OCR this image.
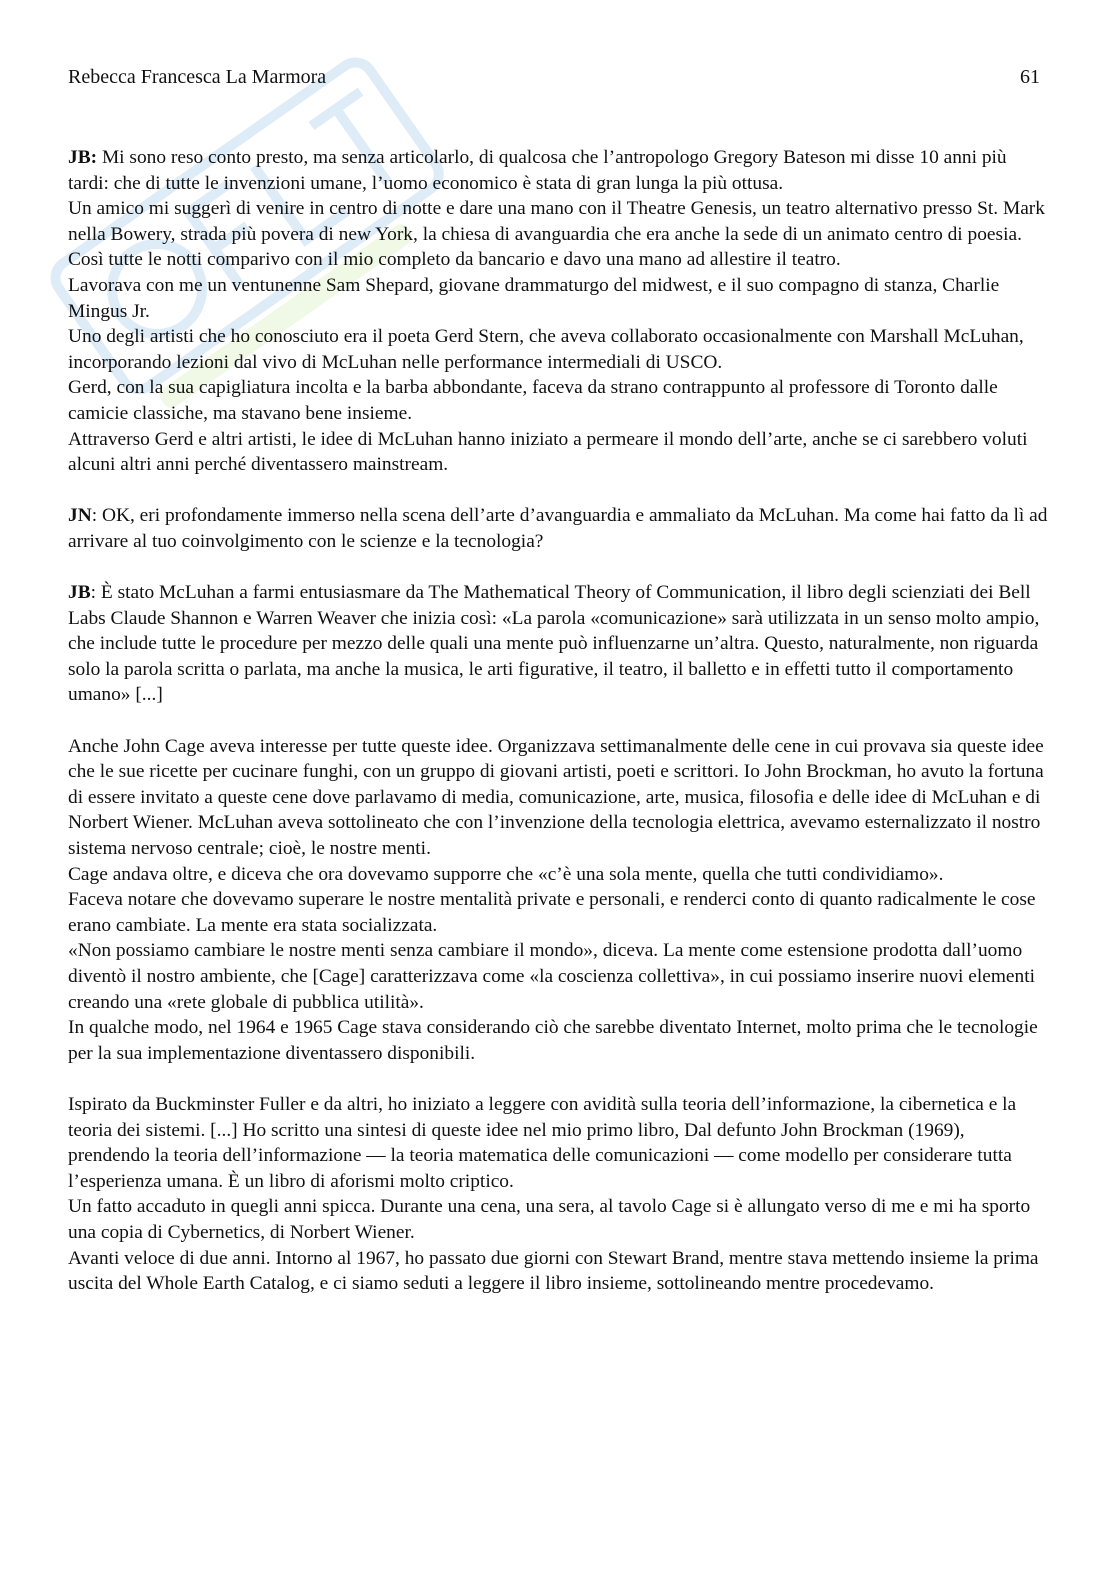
Rebecca Francesca La Marmora	61

JB: Mi sono reso conto presto, ma senza articolarlo, di qualcosa che l’antropologo Gregory Bateson mi disse 10 anni più tardi: che di tutte le invenzioni umane, l’uomo economico è stata di gran lunga la più ottusa.

Un amico mi suggerì di venire in centro di notte e dare una mano con il Theatre Genesis, un teatro alternativo presso St. Mark nella Bowery, strada più povera di new York, la chiesa di avanguardia che era anche la sede di un animato centro di poesia.

Così tutte le notti comparivo con il mio completo da bancario e davo una mano ad allestire il teatro.

Lavorava con me un ventunenne Sam Shepard, giovane drammaturgo del midwest, e il suo compagno di stanza, Charlie Mingus Jr.

Uno degli artisti che ho conosciuto era il poeta Gerd Stern, che aveva collaborato occasionalmente con Marshall McLuhan, incorporando lezioni dal vivo di McLuhan nelle performance intermediali di USCO.

Gerd, con la sua capigliatura incolta e la barba abbondante, faceva da strano contrappunto al professore di Toronto dalle camicie classiche, ma stavano bene insieme.

Attraverso Gerd e altri artisti, le idee di McLuhan hanno iniziato a permeare il mondo dell’arte, anche se ci sarebbero voluti alcuni altri anni perché diventassero mainstream.

JN: OK, eri profondamente immerso nella scena dell’arte d’avanguardia e ammaliato da McLuhan. Ma come hai fatto da lì ad arrivare al tuo coinvolgimento con le scienze e la tecnologia?

JB: È stato McLuhan a farmi entusiasmare da The Mathematical Theory of Communication, il libro degli scienziati dei Bell Labs Claude Shannon e Warren Weaver che inizia così: «La parola «comunicazione» sarà utilizzata in un senso molto ampio, che include tutte le procedure per mezzo delle quali una mente può influenzarne un’altra. Questo, naturalmente, non riguarda solo la parola scritta o parlata, ma anche la musica, le arti figurative, il teatro, il balletto e in effetti tutto il comportamento umano» [...]

Anche John Cage aveva interesse per tutte queste idee. Organizzava settimanalmente delle cene in cui provava sia queste idee che le sue ricette per cucinare funghi, con un gruppo di giovani artisti, poeti e scrittori. Io John Brockman, ho avuto la fortuna di essere invitato a queste cene dove parlavamo di media, comunicazione, arte, musica, filosofia e delle idee di McLuhan e di Norbert Wiener. McLuhan aveva sottolineato che con l’invenzione della tecnologia elettrica, avevamo esternalizzato il nostro sistema nervoso centrale; cioè, le nostre menti.

Cage andava oltre, e diceva che ora dovevamo supporre che «c’è una sola mente, quella che tutti condividiamo».

Faceva notare che dovevamo superare le nostre mentalità private e personali, e renderci conto di quanto radicalmente le cose erano cambiate. La mente era stata socializzata.

«Non possiamo cambiare le nostre menti senza cambiare il mondo», diceva. La mente come estensione prodotta dall’uomo diventò il nostro ambiente, che [Cage] caratterizzava come «la coscienza collettiva», in cui possiamo inserire nuovi elementi creando una «rete globale di pubblica utilità».

In qualche modo, nel 1964 e 1965 Cage stava considerando ciò che sarebbe diventato Internet, molto prima che le tecnologie per la sua implementazione diventassero disponibili.

Ispirato da Buckminster Fuller e da altri, ho iniziato a leggere con avidità sulla teoria dell’informazione, la cibernetica e la teoria dei sistemi. [...] Ho scritto una sintesi di queste idee nel mio primo libro, Dal defunto John Brockman (1969), prendendo la teoria dell’informazione — la teoria matematica delle comunicazioni — come modello per considerare tutta l’esperienza umana. È un libro di aforismi molto criptico.

Un fatto accaduto in quegli anni spicca. Durante una cena, una sera, al tavolo Cage si è allungato verso di me e mi ha sporto una copia di Cybernetics, di Norbert Wiener.

Avanti veloce di due anni. Intorno al 1967, ho passato due giorni con Stewart Brand, mentre stava mettendo insieme la prima uscita del Whole Earth Catalog, e ci siamo seduti a leggere il libro insieme, sottolineando mentre procedevamo.
